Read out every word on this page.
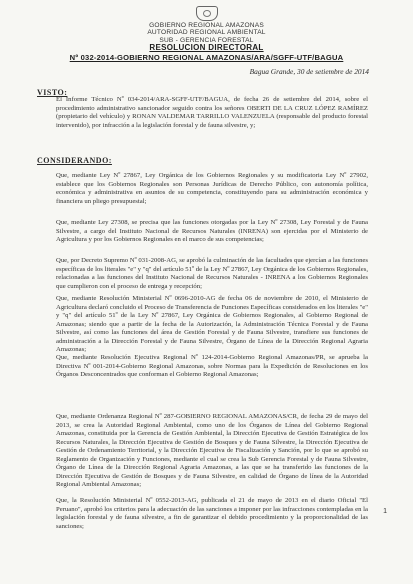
GOBIERNO REGIONAL AMAZONAS
AUTORIDAD REGIONAL AMBIENTAL
SUB - GERENCIA FORESTAL
RESOLUCION DIRECTORAL
Nº 032-2014-GOBIERNO REGIONAL AMAZONAS/ARA/SGFF-UTF/BAGUA
Bagua Grande, 30 de setiembre de 2014
VISTO:
El Informe Técnico Nº 034-2014/ARA-SGFF-UTF/BAGUA, de fecha 26 de setiembre del 2014, sobre el procedimiento administrativo sancionador seguido contra los señores OBERTI DE LA CRUZ LÓPEZ RAMÍREZ (propietario del vehículo) y RONAN VALDEMAR TARRILLO VALENZUELA (responsable del producto forestal intervenido), por infracción a la legislación forestal y de fauna silvestre, y;
CONSIDERANDO:
Que, mediante Ley Nº 27867, Ley Orgánica de los Gobiernos Regionales y su modificatoria Ley Nº 27902, establece que los Gobiernos Regionales son Personas Jurídicas de Derecho Público, con autonomía política, económica y administrativa en asuntos de su competencia, constituyendo para su administración económica y financiera un pliego presupuestal;
Que, mediante Ley 27308, se precisa que las funciones otorgadas por la Ley Nº 27308, Ley Forestal y de Fauna Silvestre, a cargo del Instituto Nacional de Recursos Naturales (INRENA) son ejercidas por el Ministerio de Agricultura y por los Gobiernos Regionales en el marco de sus competencias;
Que, por Decreto Supremo Nº 031-2008-AG, se aprobó la culminación de las facultades que ejercían a las funciones específicas de los literales "e" y "q" del artículo 51º de la Ley Nº 27867, Ley Orgánica de los Gobiernos Regionales, relacionadas a las funciones del Instituto Nacional de Recursos Naturales - INRENA a los Gobiernos Regionales que cumplieron con el proceso de entrega y recepción;
Que, mediante Resolución Ministerial Nº 0696-2010-AG de fecha 06 de noviembre de 2010, el Ministerio de Agricultura declaró concluido el Proceso de Transferencia de Funciones Específicas considerados en los literales "e" y "q" del artículo 51º de la Ley Nº 27867, Ley Orgánica de Gobiernos Regionales, al Gobierno Regional de Amazonas; siendo que a partir de la fecha de la Autorización, la Administración Técnica Forestal y de Fauna Silvestre, así como las funciones del área de Gestión Forestal y de Fauna Silvestre, transfiere sus funciones de administración a la Dirección Forestal y de Fauna Silvestre, Órgano de Línea de la Dirección Regional Agraria Amazonas;
Que, mediante Resolución Ejecutiva Regional Nº 124-2014-Gobierno Regional Amazonas/PR, se aprueba la Directiva Nº 001-2014-Gobierno Regional Amazonas, sobre Normas para la Expedición de Resoluciones en los Órganos Desconcentrados que conforman el Gobierno Regional Amazonas;
Que, mediante Ordenanza Regional Nº 287-GOBIERNO REGIONAL AMAZONAS/CR, de fecha 29 de mayo del 2013, se crea la Autoridad Regional Ambiental, como uno de los Órganos de Línea del Gobierno Regional Amazonas, constituida por la Gerencia de Gestión Ambiental, la Dirección Ejecutiva de Gestión Estratégica de los Recursos Naturales, la Dirección Ejecutiva de Gestión de Bosques y de Fauna Silvestre, la Dirección Ejecutiva de Gestión de Ordenamiento Territorial, y la Dirección Ejecutiva de Fiscalización y Sanción, por lo que se aprobó su Reglamento de Organización y Funciones, mediante el cual se crea la Sub Gerencia Forestal y de Fauna Silvestre, Órgano de Línea de la Dirección Regional Agraria Amazonas, a las que se ha transferido las funciones de la Dirección Ejecutiva de Gestión de Bosques y de Fauna Silvestre, en calidad de Órgano de línea de la Autoridad Regional Ambiental Amazonas;
Que, la Resolución Ministerial Nº 0552-2013-AG, publicada el 21 de mayo de 2013 en el diario Oficial "El Peruano", aprobó los criterios para la adecuación de las sanciones a imponer por las infracciones contempladas en la legislación forestal y de fauna silvestre, a fin de garantizar el debido procedimiento y la proporcionalidad de las sanciones;
1
